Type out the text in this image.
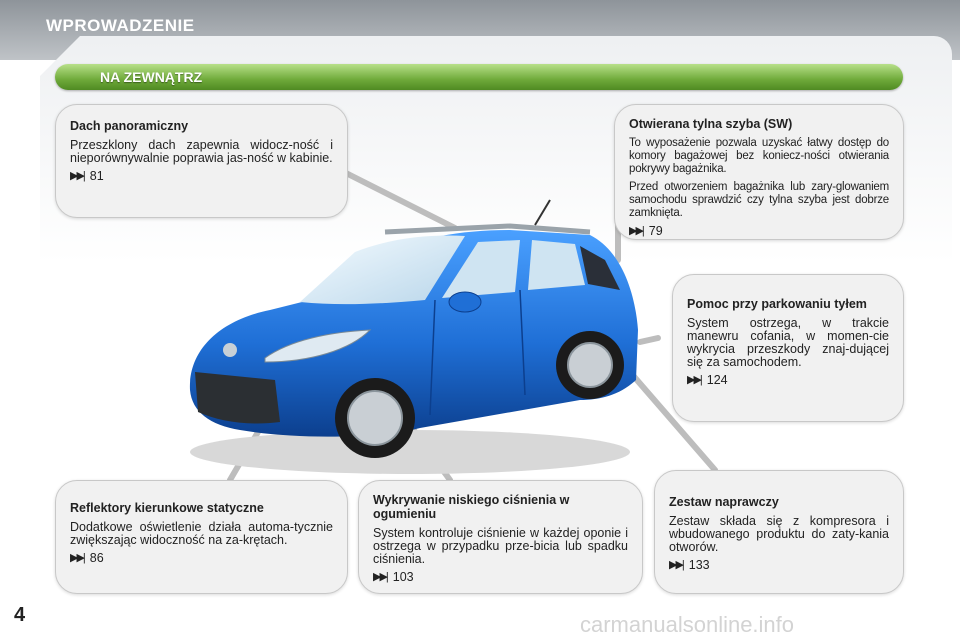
WPROWADZENIE
NA ZEWNĄTRZ
Dach panoramiczny

Przeszklony dach zapewnia widocz-ność i nieporównywalnie poprawia jas-ność w kabinie.

▶▶| 81
Otwierana tylna szyba (SW)

To wyposażenie pozwala uzyskać łatwy dostęp do komory bagażowej bez koniecz-ności otwierania pokrywy bagażnika.

Przed otworzeniem bagażnika lub zary-glowaniem samochodu sprawdzić czy tylna szyba jest dobrze zamknięta.

▶▶| 79
Pomoc przy parkowaniu tyłem

System ostrzega, w trakcie manewru cofania, w momen-cie wykrycia przeszkody znaj-dującej się za samochodem.

▶▶| 124
Reflektory kierunkowe statyczne

Dodatkowe oświetlenie działa automa-tycznie zwiększając widoczność na za-krętach.

▶▶| 86
Wykrywanie niskiego ciśnienia w ogumieniu

System kontroluje ciśnienie w każdej oponie i ostrzega w przypadku prze-bicia lub spadku ciśnienia.

▶▶| 103
Zestaw naprawczy

Zestaw składa się z kompresora i wbudowanego produktu do zaty-kania otworów.

▶▶| 133
4	carmanualsonline.info
